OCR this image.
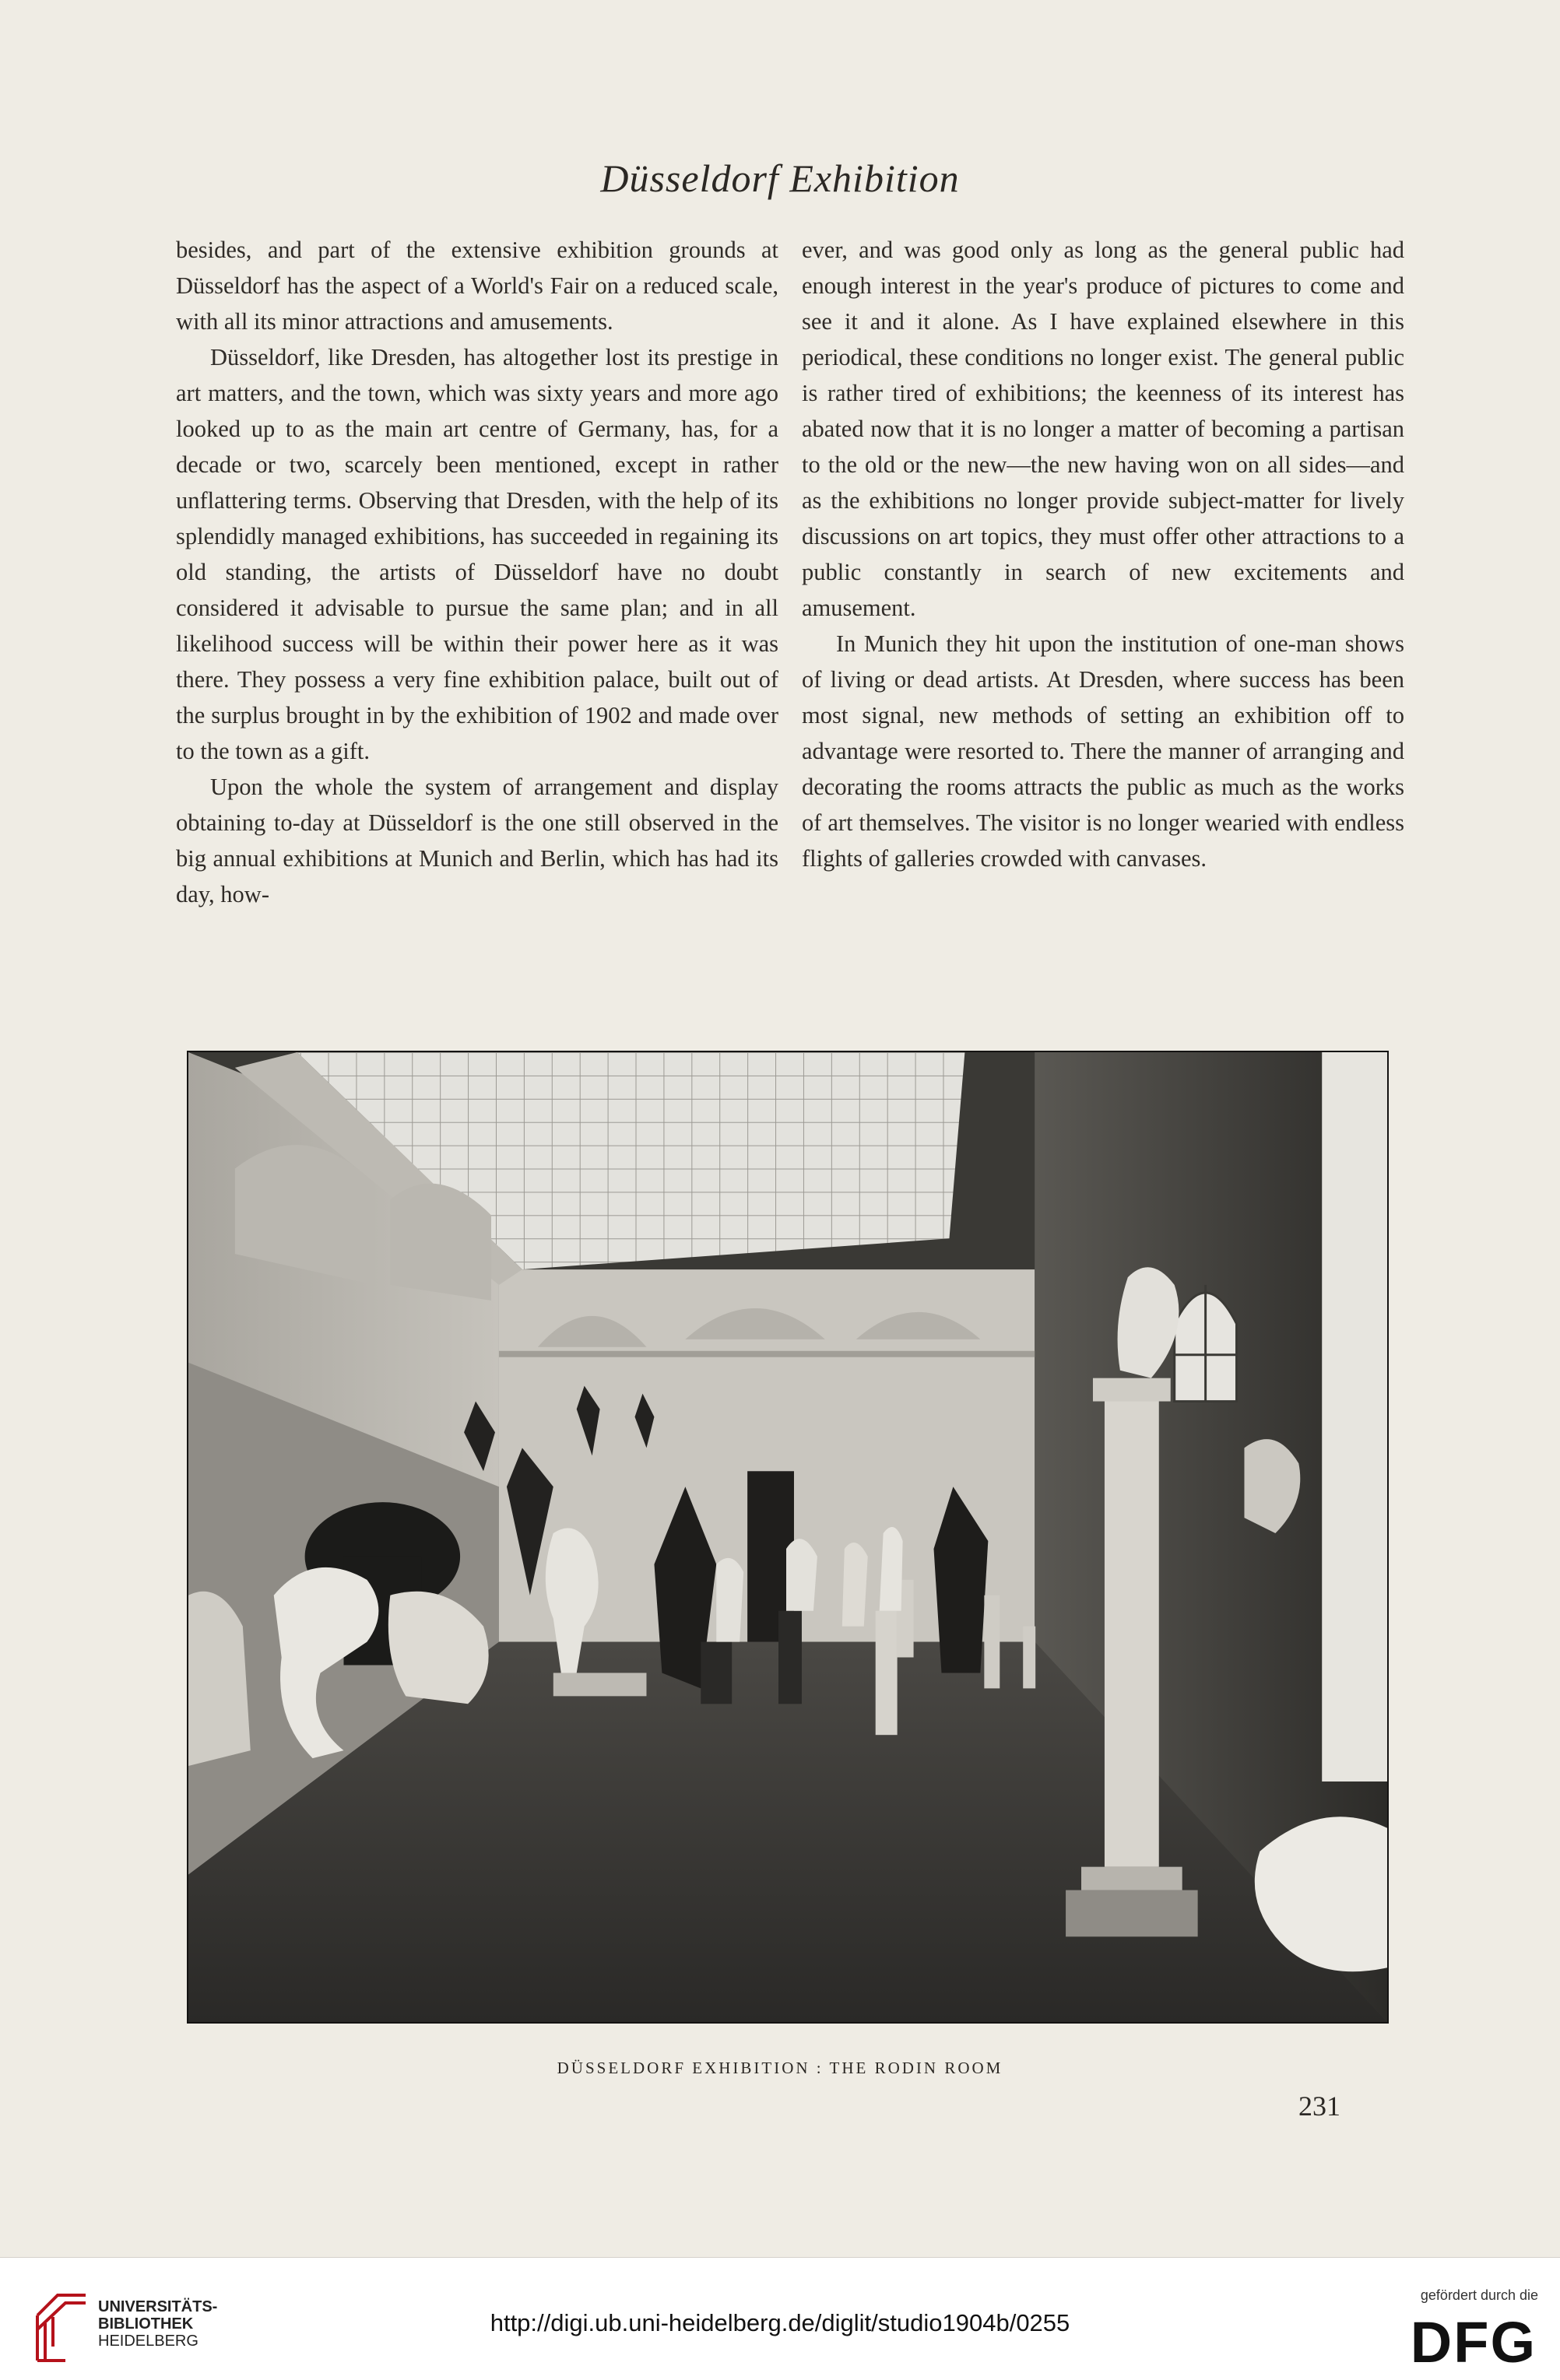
Düsseldorf Exhibition

besides, and part of the extensive exhibition grounds at Düsseldorf has the aspect of a World's Fair on a reduced scale, with all its minor attractions and amusements.

Düsseldorf, like Dresden, has altogether lost its prestige in art matters, and the town, which was sixty years and more ago looked up to as the main art centre of Germany, has, for a decade or two, scarcely been mentioned, except in rather unflattering terms. Observing that Dresden, with the help of its splendidly managed exhibitions, has succeeded in regaining its old standing, the artists of Düsseldorf have no doubt considered it advisable to pursue the same plan; and in all likelihood success will be within their power here as it was there. They possess a very fine exhibition palace, built out of the surplus brought in by the exhibition of 1902 and made over to the town as a gift.

Upon the whole the system of arrangement and display obtaining to-day at Düsseldorf is the one still observed in the big annual exhibitions at Munich and Berlin, which has had its day, how-

ever, and was good only as long as the general public had enough interest in the year's produce of pictures to come and see it and it alone. As I have explained elsewhere in this periodical, these conditions no longer exist. The general public is rather tired of exhibitions; the keenness of its interest has abated now that it is no longer a matter of becoming a partisan to the old or the new—the new having won on all sides—and as the exhibitions no longer provide subject-matter for lively discussions on art topics, they must offer other attractions to a public constantly in search of new excitements and amusement.

In Munich they hit upon the institution of one-man shows of living or dead artists. At Dresden, where success has been most signal, new methods of setting an exhibition off to advantage were resorted to. There the manner of arranging and decorating the rooms attracts the public as much as the works of art themselves. The visitor is no longer wearied with endless flights of galleries crowded with canvases.

DÜSSELDORF EXHIBITION : THE RODIN ROOM
231
UNIVERSITÄTS-
BIBLIOTHEK
HEIDELBERG
http://digi.ub.uni-heidelberg.de/diglit/studio1904b/0255
gefördert durch die
DFG
